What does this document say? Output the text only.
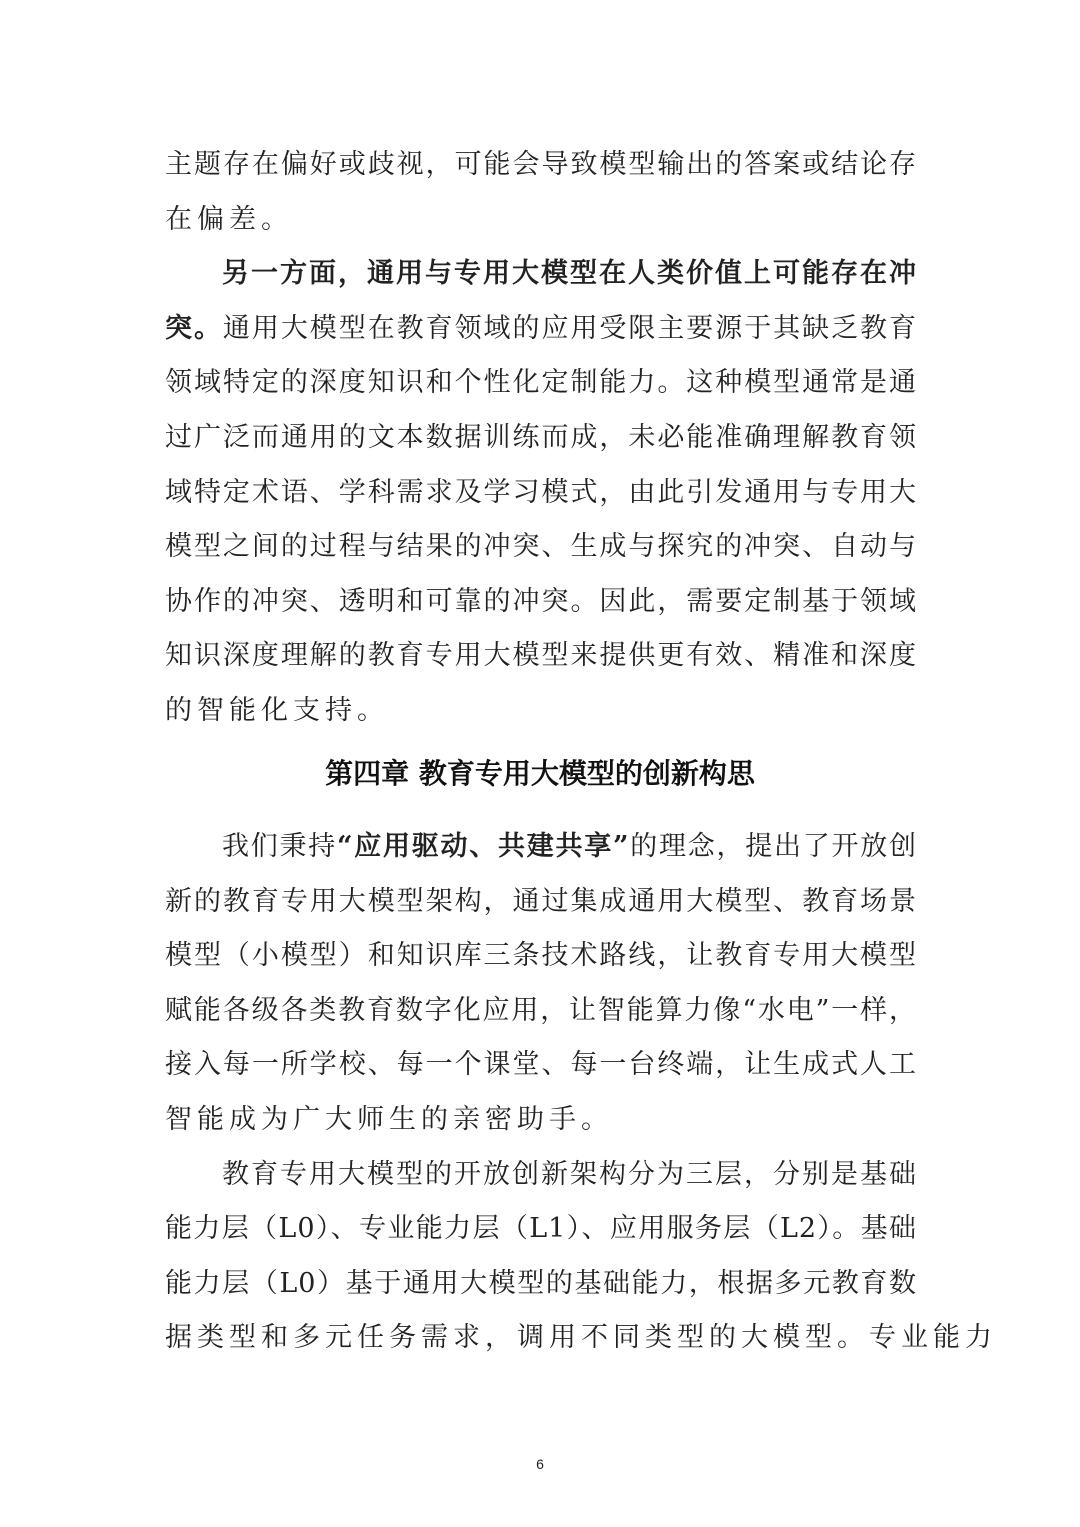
第四章 教育专用大模型的创新构思
6
主题存在偏好或歧视，可能会导致模型输出的答案或结论存
在偏差。
另一方面，通用与专用大模型在人类价值上可能存在冲
突。通用大模型在教育领域的应用受限主要源于其缺乏教育
领域特定的深度知识和个性化定制能力。这种模型通常是通
过广泛而通用的文本数据训练而成，未必能准确理解教育领
域特定术语、学科需求及学习模式，由此引发通用与专用大
模型之间的过程与结果的冲突、生成与探究的冲突、自动与
协作的冲突、透明和可靠的冲突。因此，需要定制基于领域
知识深度理解的教育专用大模型来提供更有效、精准和深度
的智能化支持。
我们秉持“应用驱动、共建共享”的理念，提出了开放创
新的教育专用大模型架构，通过集成通用大模型、教育场景
模型（小模型）和知识库三条技术路线，让教育专用大模型
赋能各级各类教育数字化应用，让智能算力像“水电”一样，
接入每一所学校、每一个课堂、每一台终端，让生成式人工
智能成为广大师生的亲密助手。
教育专用大模型的开放创新架构分为三层，分别是基础
能力层（L0）、专业能力层（L1）、应用服务层（L2）。基础
能力层（L0）基于通用大模型的基础能力，根据多元教育数
据类型和多元任务需求，调用不同类型的大模型。专业能力
